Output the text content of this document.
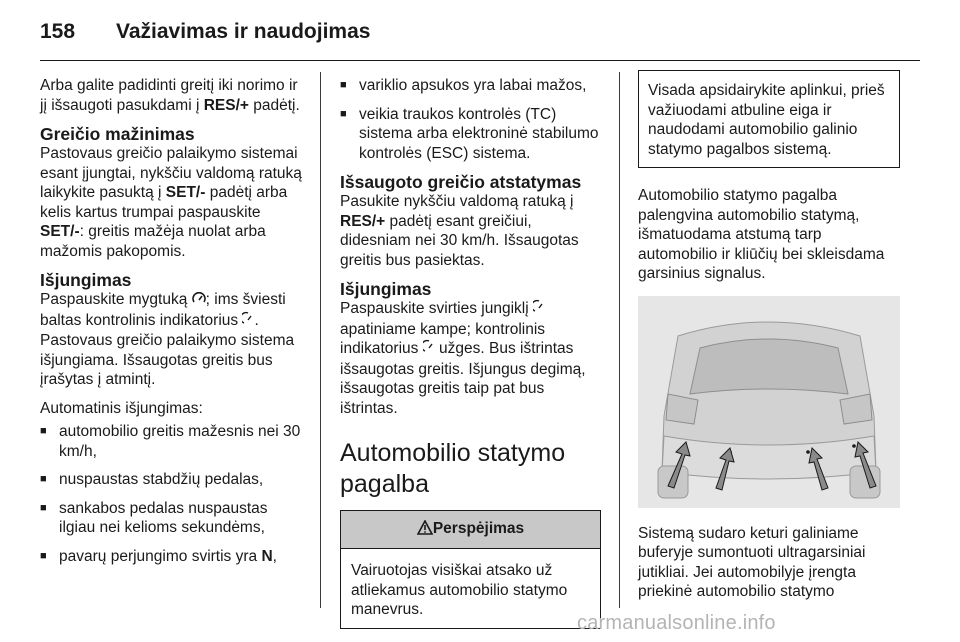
158 Važiavimas ir naudojimas

Arba galite padidinti greitį iki norimo ir jį išsaugoti pasukdami į RES/+ padėtį.

Greičio mažinimas

Pastovaus greičio palaikymo sistemai esant įjungtai, nykščiu valdomą ratuką laikykite pasuktą į SET/- padėtį arba kelis kartus trumpai paspauskite SET/-: greitis mažėja nuolat arba mažomis pakopomis.

Išjungimas

Paspauskite mygtuką ; ims šviesti baltas kontrolinis indikatorius . Pastovaus greičio palaikymo sistema išjungiama. Išsaugotas greitis bus įrašytas į atmintį.

Automatinis išjungimas:

■ automobilio greitis mažesnis nei 30 km/h,
■ nuspaustas stabdžių pedalas,
■ sankabos pedalas nuspaustas ilgiau nei kelioms sekundėms,
■ pavarų perjungimo svirtis yra N,
■ variklio apsukos yra labai mažos,
■ veikia traukos kontrolės (TC) sistema arba elektroninė stabilumo kontrolės (ESC) sistema.
Išsaugoto greičio atstatymas

Pasukite nykščiu valdomą ratuką į RES/+ padėtį esant greičiui, didesniam nei 30 km/h. Išsaugotas greitis bus pasiektas.

Išjungimas

Paspauskite svirties jungiklį  apatiniame kampe; kontrolinis indikatorius  užges. Bus ištrintas išsaugotas greitis. Išjungus degimą, išsaugotas greitis taip pat bus ištrintas.

Automobilio statymo pagalba
Perspėjimas
Vairuotojas visiškai atsako už atliekamus automobilio statymo manevrus.
Visada apsidairykite aplinkui, prieš važiuodami atbuline eiga ir naudodami automobilio galinio statymo pagalbos sistemą.

Automobilio statymo pagalba palengvina automobilio statymą, išmatuodama atstumą tarp automobilio ir kliūčių bei skleisdama garsinius signalus.

Sistemą sudaro keturi galiniame buferyje sumontuoti ultragarsiniai jutikliai. Jei automobilyje įrengta priekinė automobilio statymo

carmanualsonline.info
